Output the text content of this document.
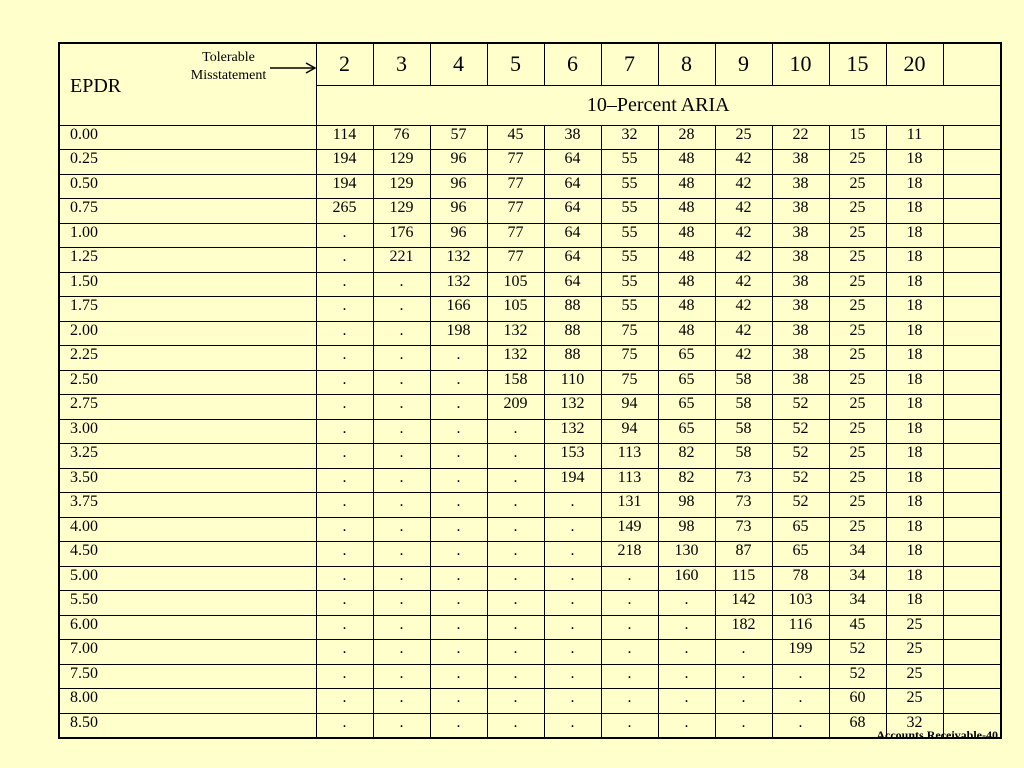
EPDR
Tolerable Misstatement	2	3	4	5	6	7	8	9	10	15	20	
	10–Percent ARIA											
0.00	114	76	57	45	38	32	28	25	22	15	11	
0.25	194	129	96	77	64	55	48	42	38	25	18	
0.50	194	129	96	77	64	55	48	42	38	25	18	
0.75	265	129	96	77	64	55	48	42	38	25	18	
1.00	.	176	96	77	64	55	48	42	38	25	18	
1.25	.	221	132	77	64	55	48	42	38	25	18	
1.50	.	.	132	105	64	55	48	42	38	25	18	
1.75	.	.	166	105	88	55	48	42	38	25	18	
2.00	.	.	198	132	88	75	48	42	38	25	18	
2.25	.	.	.	132	88	75	65	42	38	25	18	
2.50	.	.	.	158	110	75	65	58	38	25	18	
2.75	.	.	.	209	132	94	65	58	52	25	18	
3.00	.	.	.	.	132	94	65	58	52	25	18	
3.25	.	.	.	.	153	113	82	58	52	25	18	
3.50	.	.	.	.	194	113	82	73	52	25	18	
3.75	.	.	.	.	.	131	98	73	52	25	18	
4.00	.	.	.	.	.	149	98	73	65	25	18	
4.50	.	.	.	.	.	218	130	87	65	34	18	
5.00	.	.	.	.	.	.	160	115	78	34	18	
5.50	.	.	.	.	.	.	.	142	103	34	18	
6.00	.	.	.	.	.	.	.	182	116	45	25	
7.00	.	.	.	.	.	.	.	.	199	52	25	
7.50	.	.	.	.	.	.	.	.	.	52	25	
8.00	.	.	.	.	.	.	.	.	.	60	25	
8.50	.	.	.	.	.	.	.	.	.	68	32	
Accounts Receivable-40
